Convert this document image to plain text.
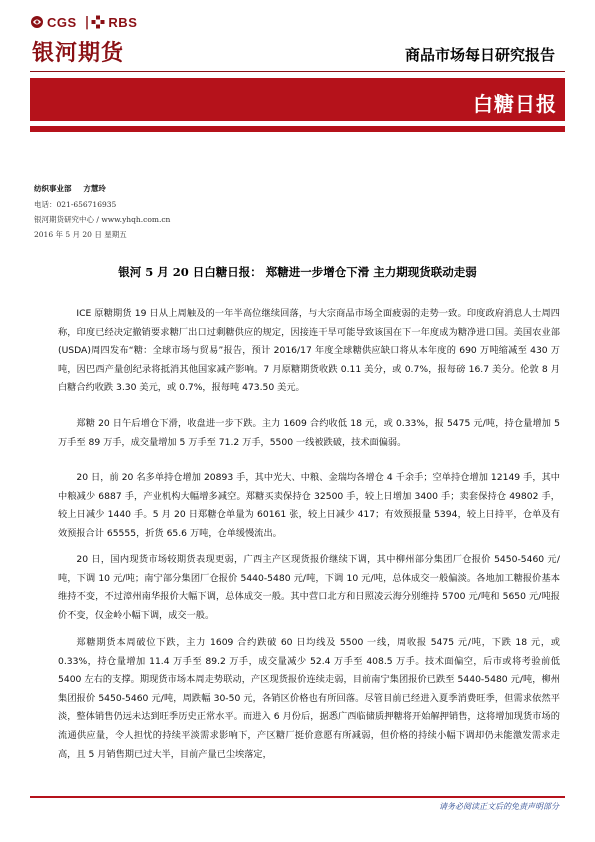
CGS | RBS
银河期货	商品市场每日研究报告
白糖日报
纺织事业部 方慧玲
电话：021-65671693​5
银河期货研究中心 / www.yhqh.com.cn
2016 年 5 月 20 日 星期五
银河 5 月 20 日白糖日报： 郑糖进一步增仓下滑 主力期现货联动走弱

ICE 原糖期货 19 日从上周触及的一年半高位继续回落，与大宗商品市场全面疲弱的走势一致。印度政府消息人士周四称，印度已经决定撤销要求糖厂出口过剩糖供应的规定，因接连干旱可能导致该国在下一年度成为糖净进口国。美国农业部(USDA)周四发布“糖：全球市场与贸易”报告，预计 2016/17 年度全球糖供应缺口将从本年度的 690 万吨缩减至 430 万吨，因巴西产量创纪录将抵消其他国家减产影响。7 月原糖期货收跌 0.11 美分，或 0.7%，报每磅 16.7 美分。伦敦 8 月白糖合约收跌 3.30 美元，或 0.7%，报每吨 473.50 美元。

郑糖 20 日午后增仓下滑，收盘进一步下跌。主力 1609 合约收低 18 元，或 0.33%，报 5475 元/吨，持仓量增加 5 万手至 89 万手，成交量增加 5 万手至 71.2 万手，5500 一线被跌破，技术面偏弱。

20 日，前 20 名多单持仓增加 20893 手，其中光大、中粮、金瑞均各增仓 4 千余手；空单持仓增加 12149 手，其中中粮减少 6887 手，产业机构大幅增多减空。郑糖买卖保持仓 32500 手，较上日增加 3400 手；卖套保持仓 49802 手，较上日减少 1440 手。5 月 20 日郑糖仓单量为 60161 张，较上日减少 417；有效预报量 5394，较上日持平，仓单及有效预报合计 65555，折货 65.6 万吨，仓单缓慢流出。

20 日，国内现货市场较期货表现更弱，广西主产区现货报价继续下调，其中柳州部分集团厂仓报价 5450-5460 元/吨，下调 10 元/吨；南宁部分集团厂仓报价 5440-5480 元/吨，下调 10 元/吨，总体成交一般偏淡。各地加工糖报价基本维持不变，不过漳州南华报价大幅下调，总体成交一般。其中营口北方和日照凌云海分别维持 5700 元/吨和 5650 元/吨报价不变，仅金岭小幅下调，成交一般。

郑糖期货本周破位下跌，主力 1609 合约跌破 60 日均线及 5500 一线，周收报 5475 元/吨，下跌 18 元，或 0.33%，持仓量增加 11.4 万手至 89.2 万手，成交量减少 52.4 万手至 408.5 万手。技术面偏空，后市或将考验前低 5400 左右的支撑。期现货市场本周走势联动，产区现货报价连续走弱，目前南宁集团报价已跌至 5440-5480 元/吨，柳州集团报价 5450-5460 元/吨，周跌幅 30-50 元，各销区价格也有所回落。尽管目前已经进入夏季消费旺季，但需求依然平淡，整体销售仍远未达到旺季历史正常水平。而进入 6 月份后，据悉广西临储质押糖将开始解押销售，这将增加现货市场的流通供应量，令人担忧的持续平淡需求影响下，产区糖厂挺价意愿有所减弱，但价格的持续小幅下调却仍未能激发需求走高，且 5 月销售期已过大半，目前产量已尘埃落定，

请务必阅读正文后的免责声明部分
